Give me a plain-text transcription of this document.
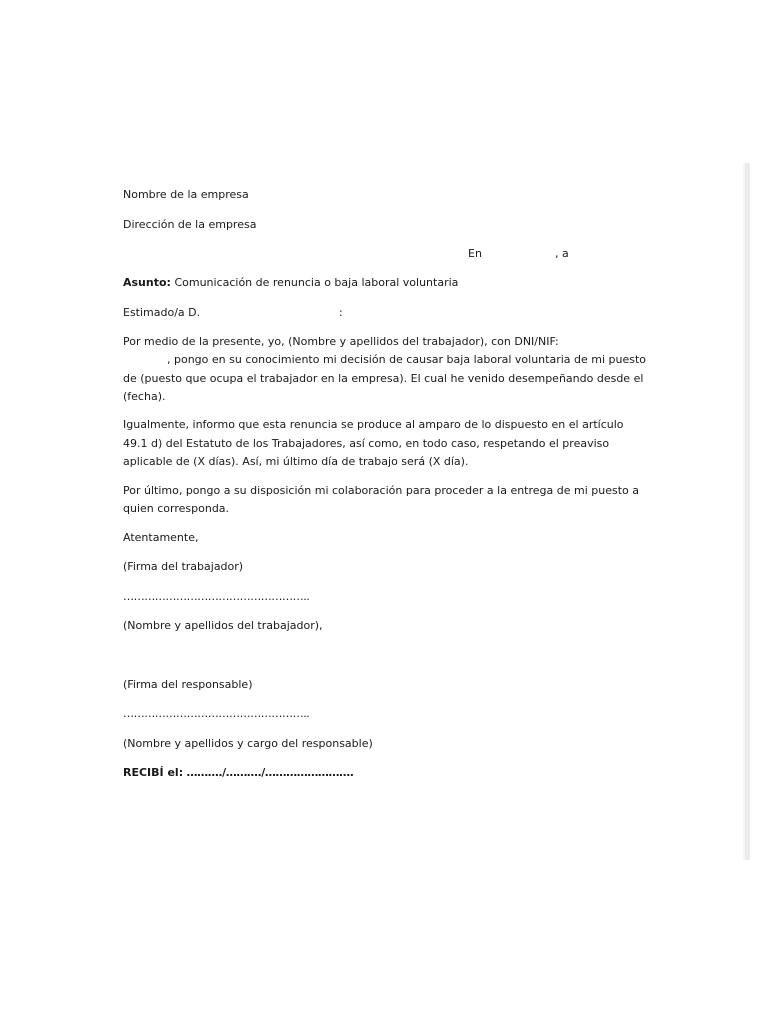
Nombre de la empresa
Dirección de la empresa
En	, a
Asunto: Comunicación de renuncia o baja laboral voluntaria
Estimado/a D.	:
Por medio de la presente, yo, (Nombre y apellidos del trabajador), con DNI/NIF:
, pongo en su conocimiento mi decisión de causar baja laboral voluntaria de mi puesto
de (puesto que ocupa el trabajador en la empresa). El cual he venido desempeñando desde el
(fecha).
Igualmente, informo que esta renuncia se produce al amparo de lo dispuesto en el artículo
49.1 d) del Estatuto de los Trabajadores, así como, en todo caso, respetando el preaviso
aplicable de (X días). Así, mi último día de trabajo será (X día).
Por último, pongo a su disposición mi colaboración para proceder a la entrega de mi puesto a
quien corresponda.
Atentamente,
(Firma del trabajador)
……………………………………………..
(Nombre y apellidos del trabajador),
(Firma del responsable)
……………………………………………..
(Nombre y apellidos y cargo del responsable)
RECIBÍ el: ………./………./…………………….
